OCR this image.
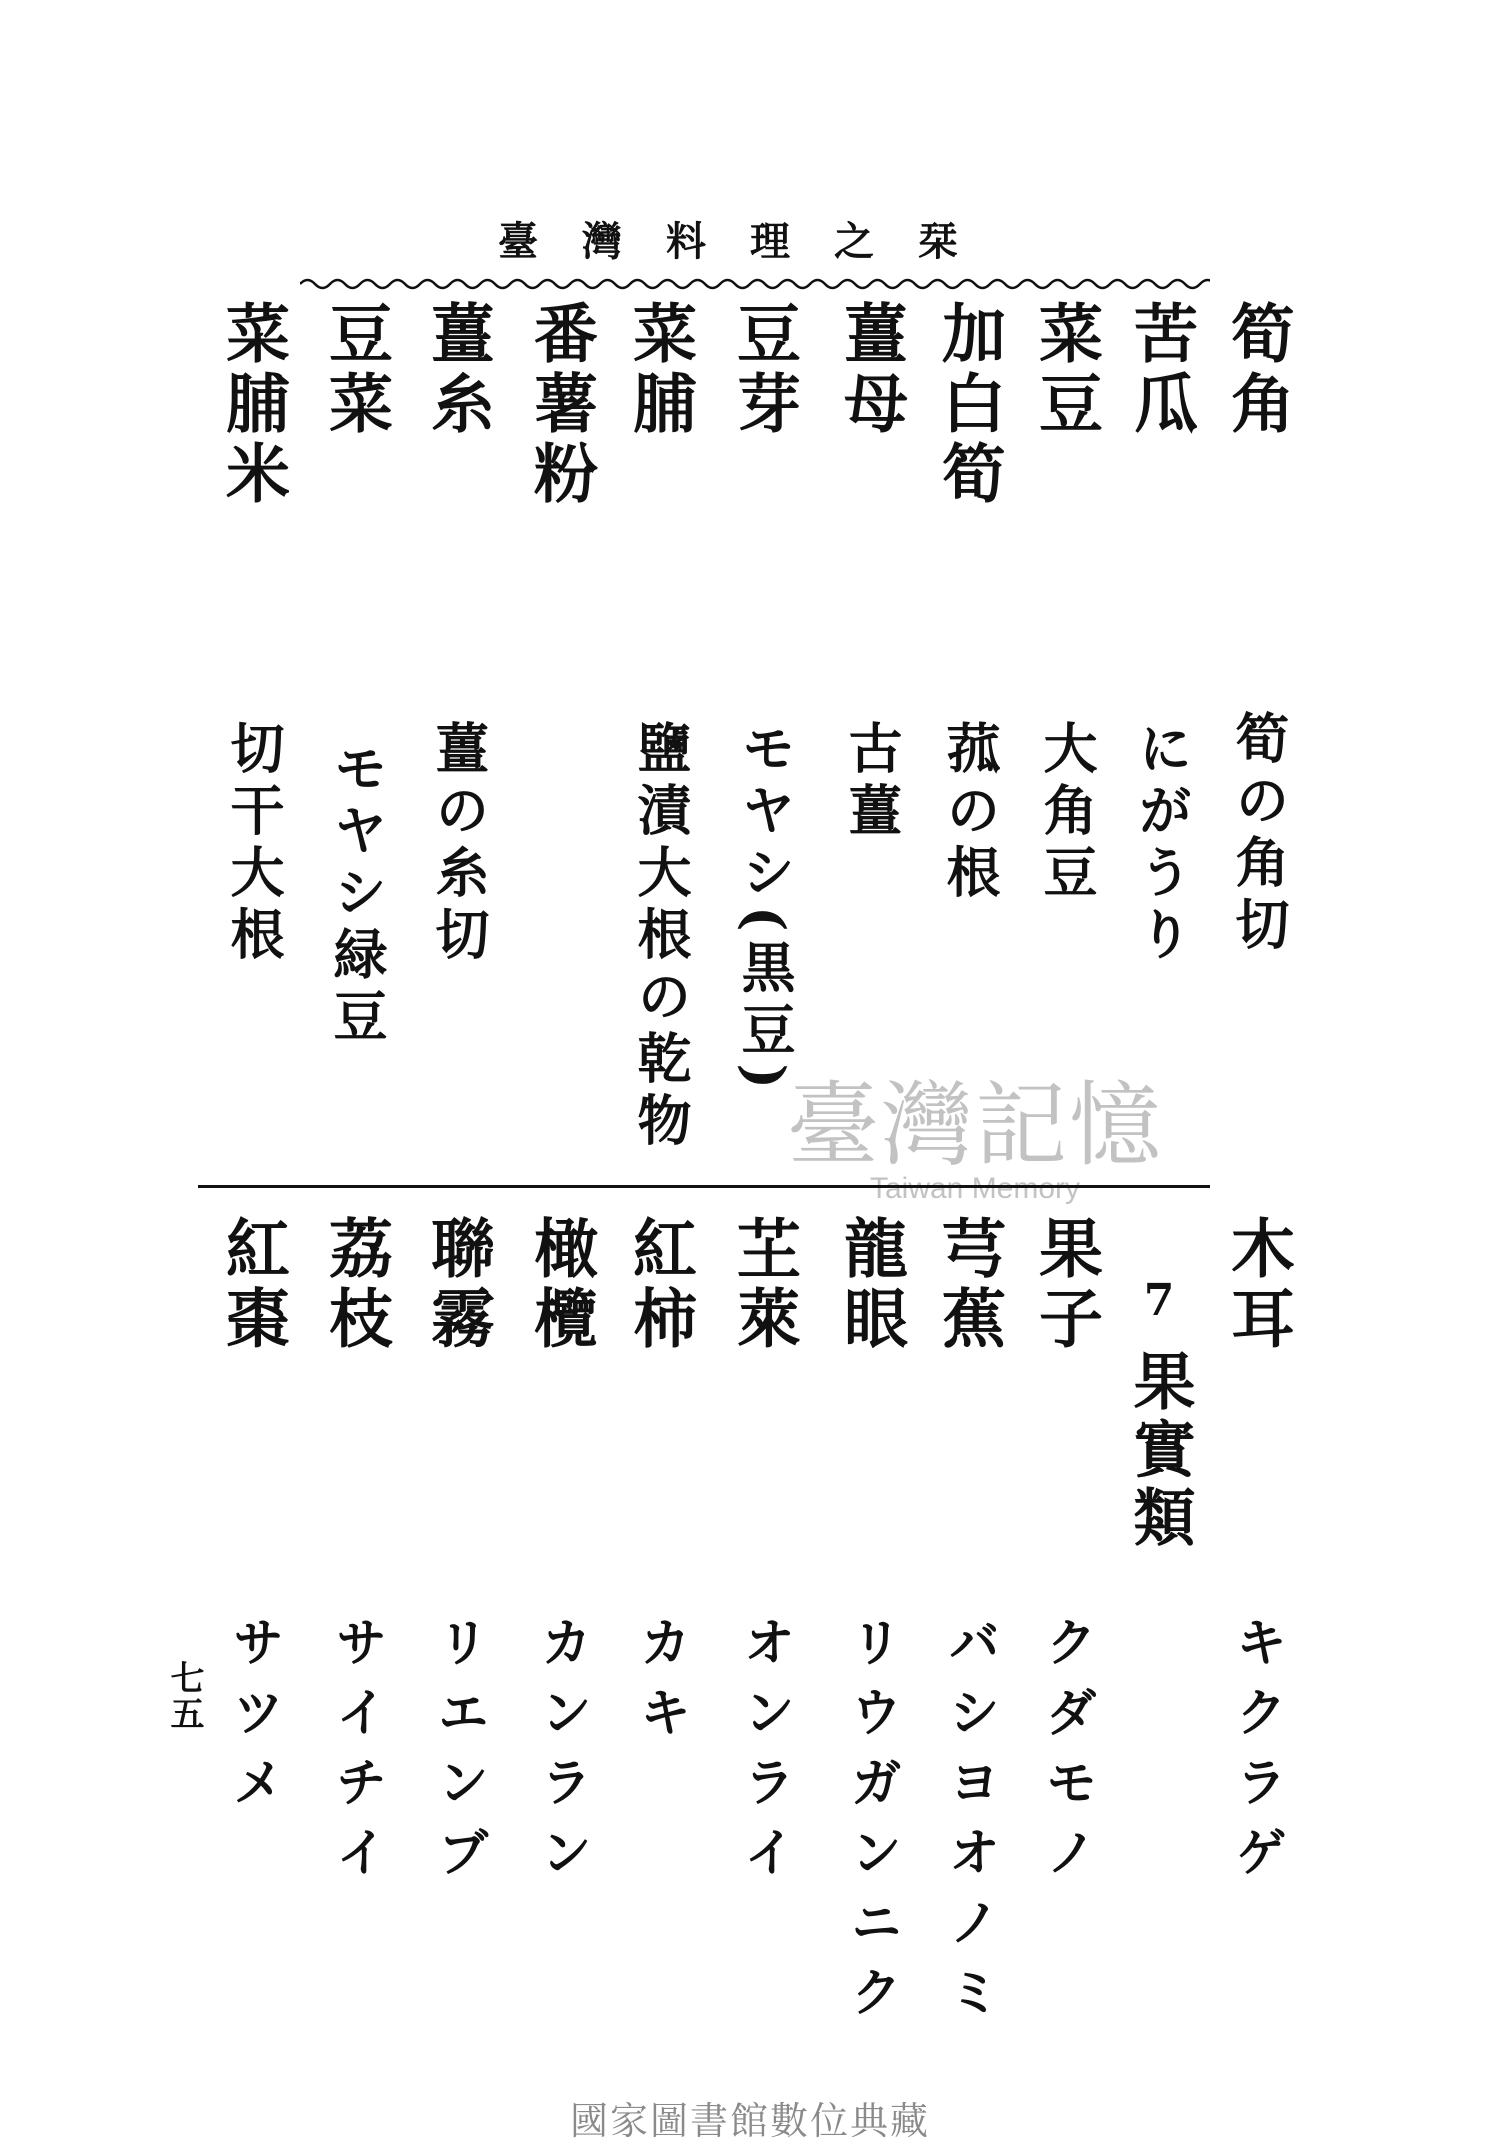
臺灣料理之栞
筍角
苦瓜
菜豆
加白筍
薑母
豆芽
菜脯
番薯粉
薑糸
豆菜
菜脯米
筍の角切
にがうり
大角豆
菰の根
古薑
モヤシ(黒豆)
鹽漬大根の乾物
薑の糸切
モヤシ緑豆
切干大根
臺灣記憶
Taiwan Memory
木耳
キクラゲ
7 果實類
果子
芎蕉
龍眼
芏萊
紅柿
橄欖
聯霧
荔枝
紅棗
クダモノ
バシヨオノミ
リウガンニク
オンライ
カキ
カンラン
リエンブ
サイチイ
サツメ
七五
國家圖書館數位典藏
